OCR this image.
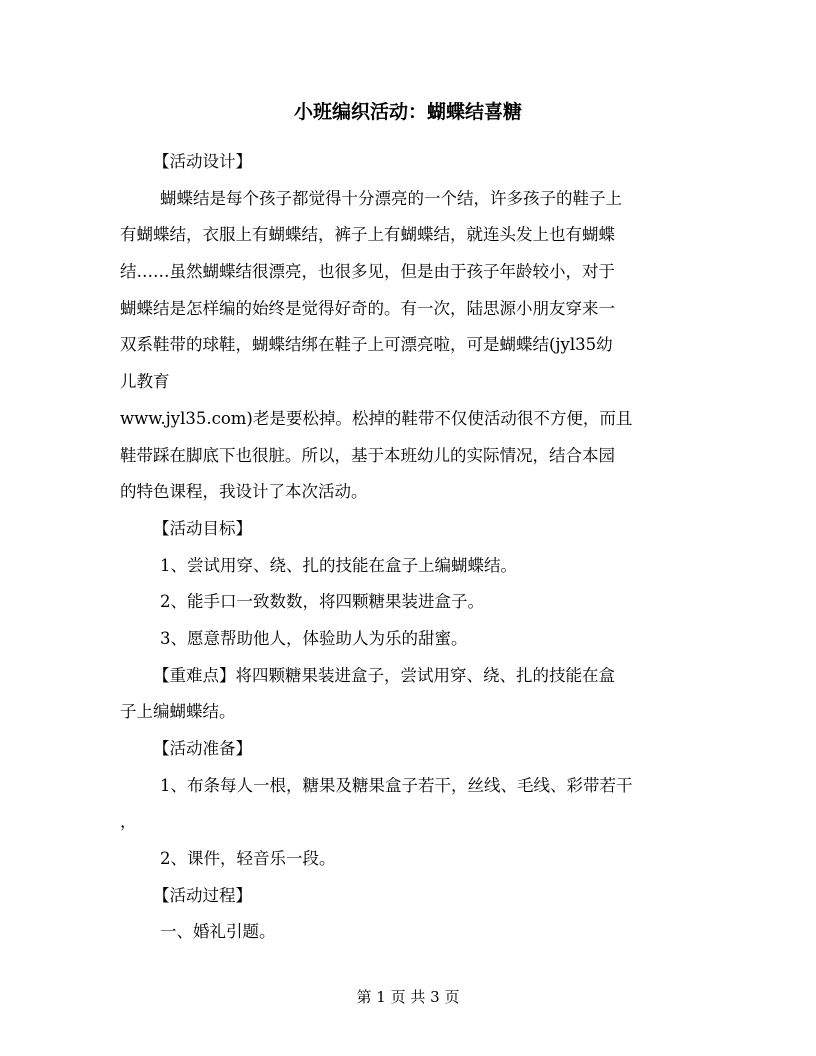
小班编织活动：蝴蝶结喜糖
【活动设计】
蝴蝶结是每个孩子都觉得十分漂亮的一个结，许多孩子的鞋子上
有蝴蝶结，衣服上有蝴蝶结，裤子上有蝴蝶结，就连头发上也有蝴蝶
结……虽然蝴蝶结很漂亮，也很多见，但是由于孩子年龄较小，对于
蝴蝶结是怎样编的始终是觉得好奇的。有一次，陆思源小朋友穿来一
双系鞋带的球鞋，蝴蝶结绑在鞋子上可漂亮啦，可是蝴蝶结(jyl35幼
儿教育
www.jyl35.com)老是要松掉。松掉的鞋带不仅使活动很不方便，而且
鞋带踩在脚底下也很脏。所以，基于本班幼儿的实际情况，结合本园
的特色课程，我设计了本次活动。
【活动目标】
1、尝试用穿、绕、扎的技能在盒子上编蝴蝶结。
2、能手口一致数数，将四颗糖果装进盒子。
3、愿意帮助他人，体验助人为乐的甜蜜。
【重难点】将四颗糖果装进盒子，尝试用穿、绕、扎的技能在盒
子上编蝴蝶结。
【活动准备】
1、布条每人一根，糖果及糖果盒子若干，丝线、毛线、彩带若干
，
2、课件，轻音乐一段。
【活动过程】
一、婚礼引题。
第 1 页 共 3 页
